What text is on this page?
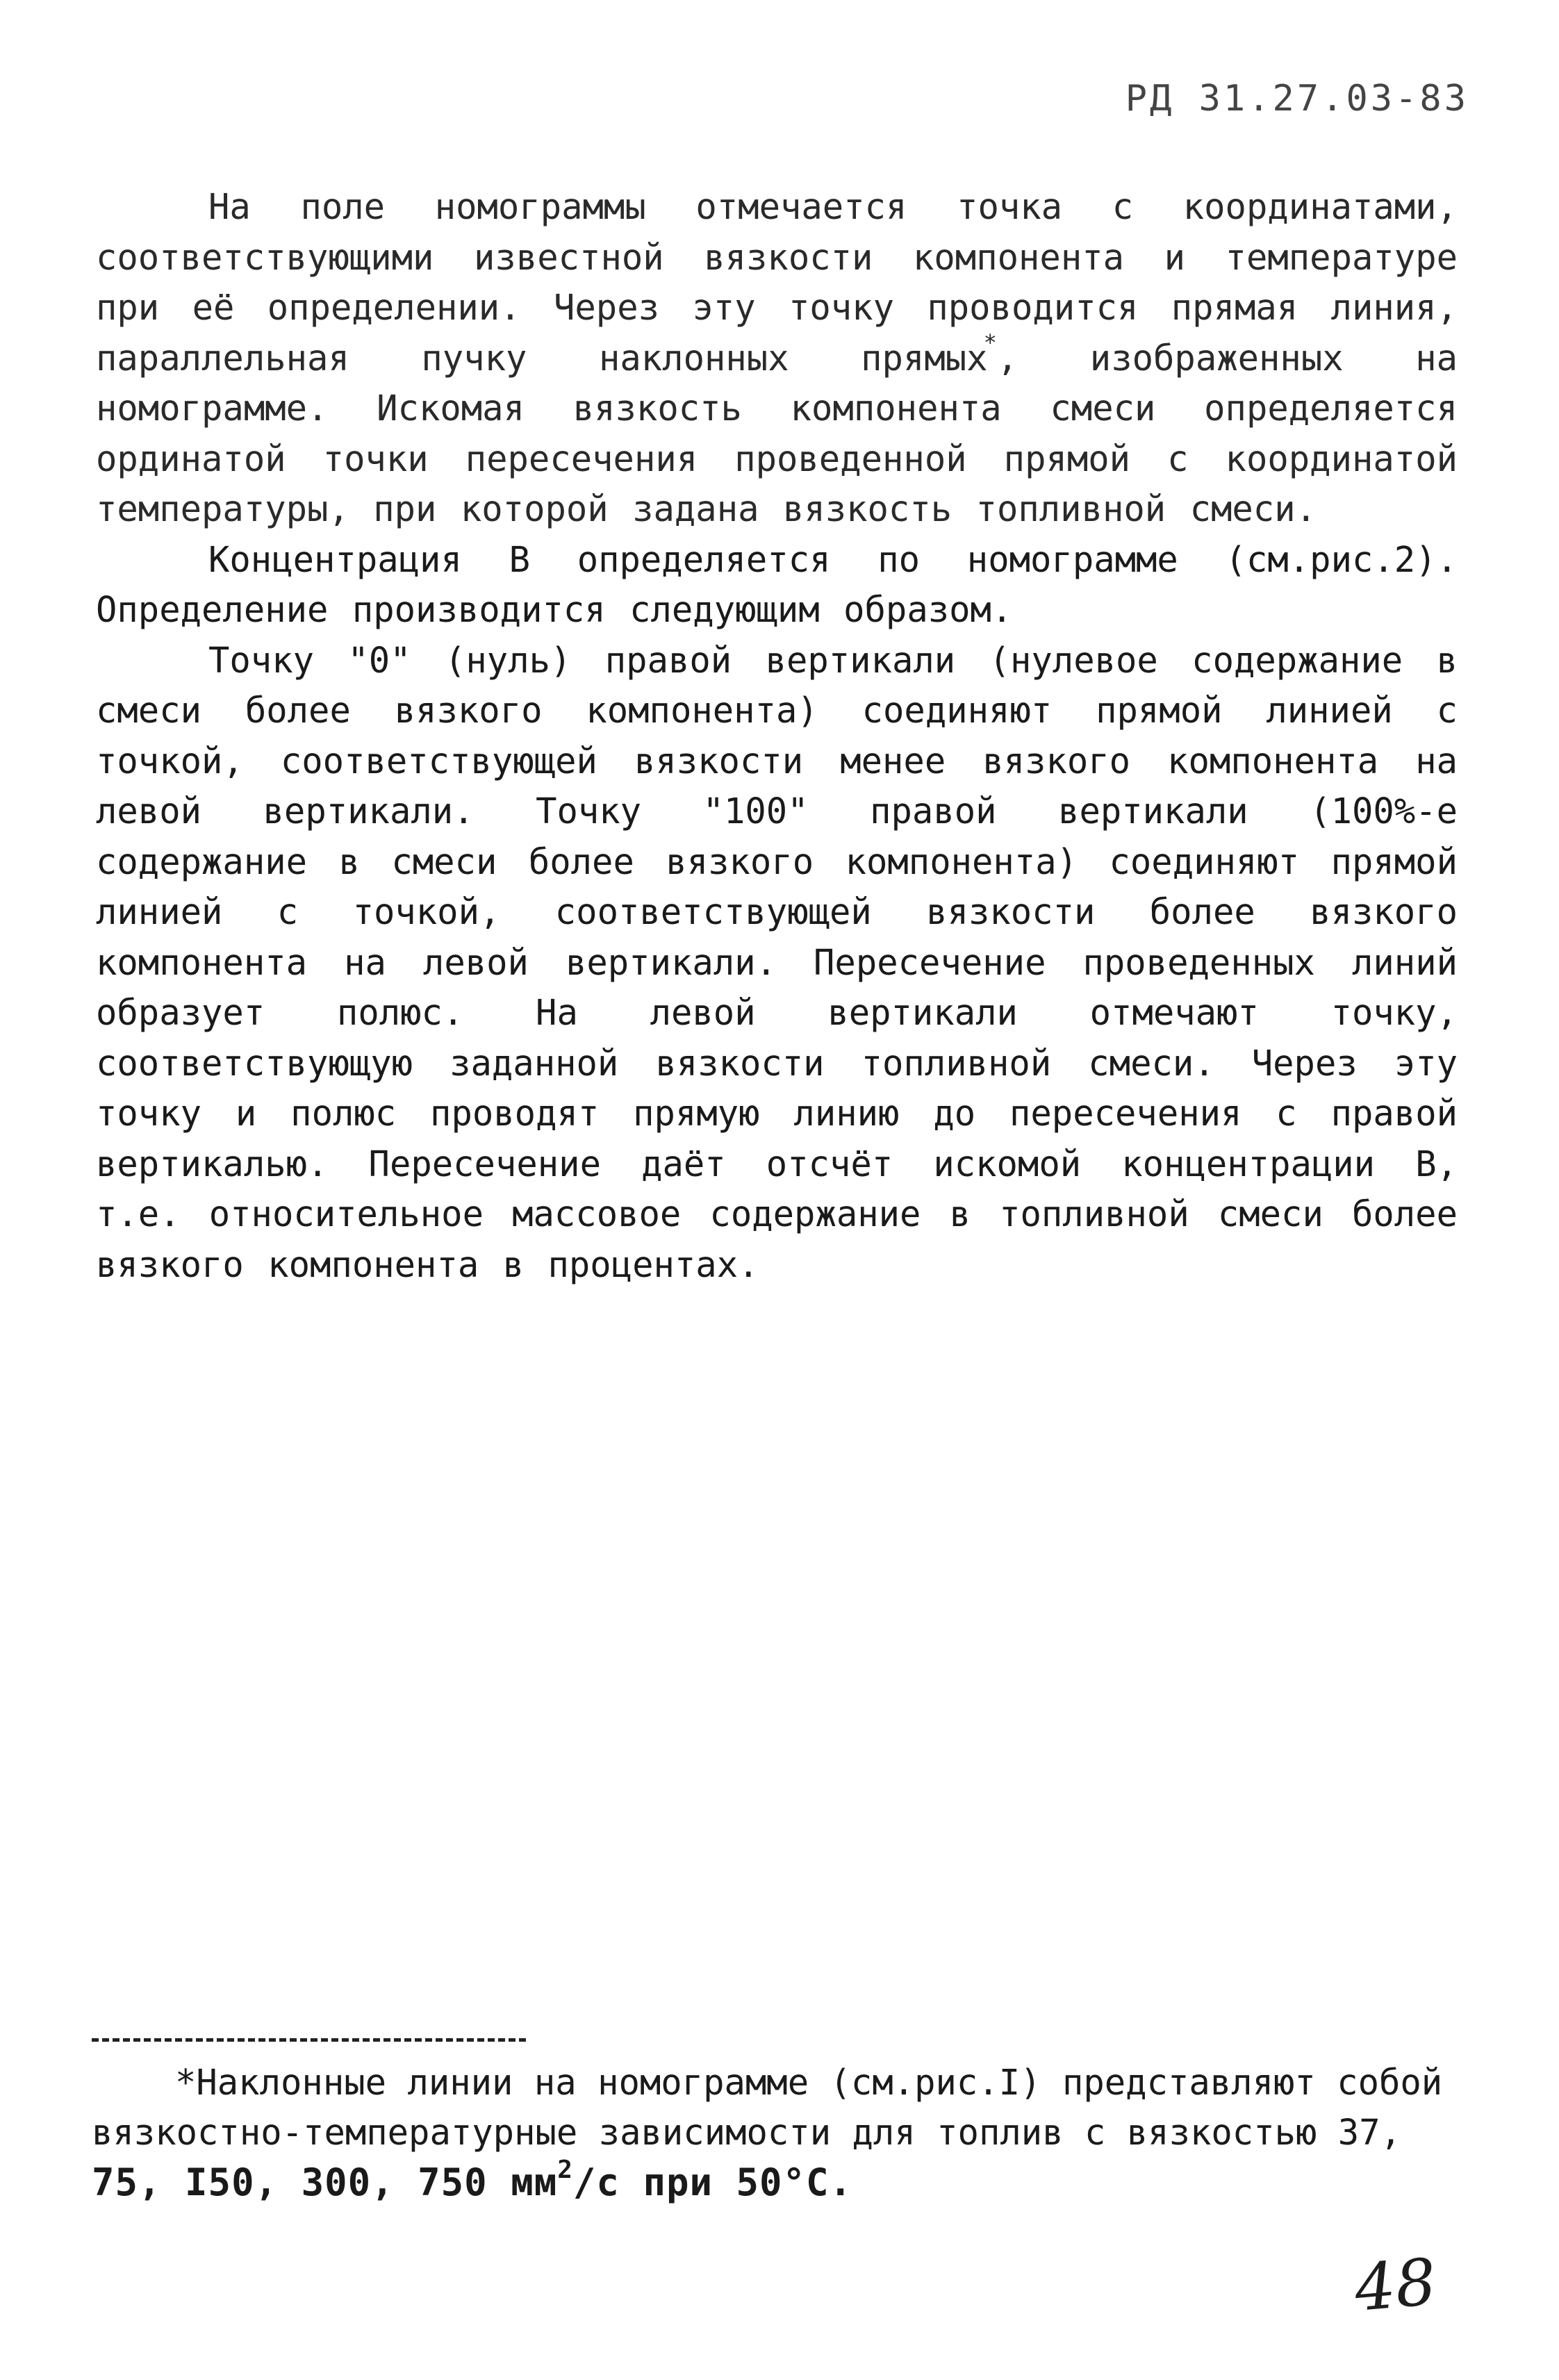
РД 31.27.03-83

На поле номограммы отмечается точка с координатами, соответствующими известной вязкости компонента и температуре при её определении. Через эту точку проводится прямая линия, параллельная пучку наклонных прямых*, изображенных на номограмме. Искомая вязкость компонента смеси определяется ординатой точки пересечения проведенной прямой с координатой температуры, при которой задана вязкость топливной смеси.

Концентрация В определяется по номограмме (см.рис.2). Определение производится следующим образом.

Точку "0" (нуль) правой вертикали (нулевое содержание в смеси более вязкого компонента) соединяют прямой линией с точкой, соответствующей вязкости менее вязкого компонента на левой вертикали. Точку "100" правой вертикали (100%-е содержание в смеси более вязкого компонента) соединяют прямой линией с точкой, соответствующей вязкости более вязкого компонента на левой вертикали. Пересечение проведенных линий образует полюс. На левой вертикали отмечают точку, соответствующую заданной вязкости топливной смеси. Через эту точку и полюс проводят прямую линию до пересечения с правой вертикалью. Пересечение даёт отсчёт искомой концентрации В, т.е. относительное массовое содержание в топливной смеси более вязкого компонента в процентах.

*Наклонные линии на номограмме (см.рис.I) представляют собой
вязкостно-температурные зависимости для топлив с вязкостью 37,
75, I50, 300, 750 $мм^2/с$ при 50°С.
48
